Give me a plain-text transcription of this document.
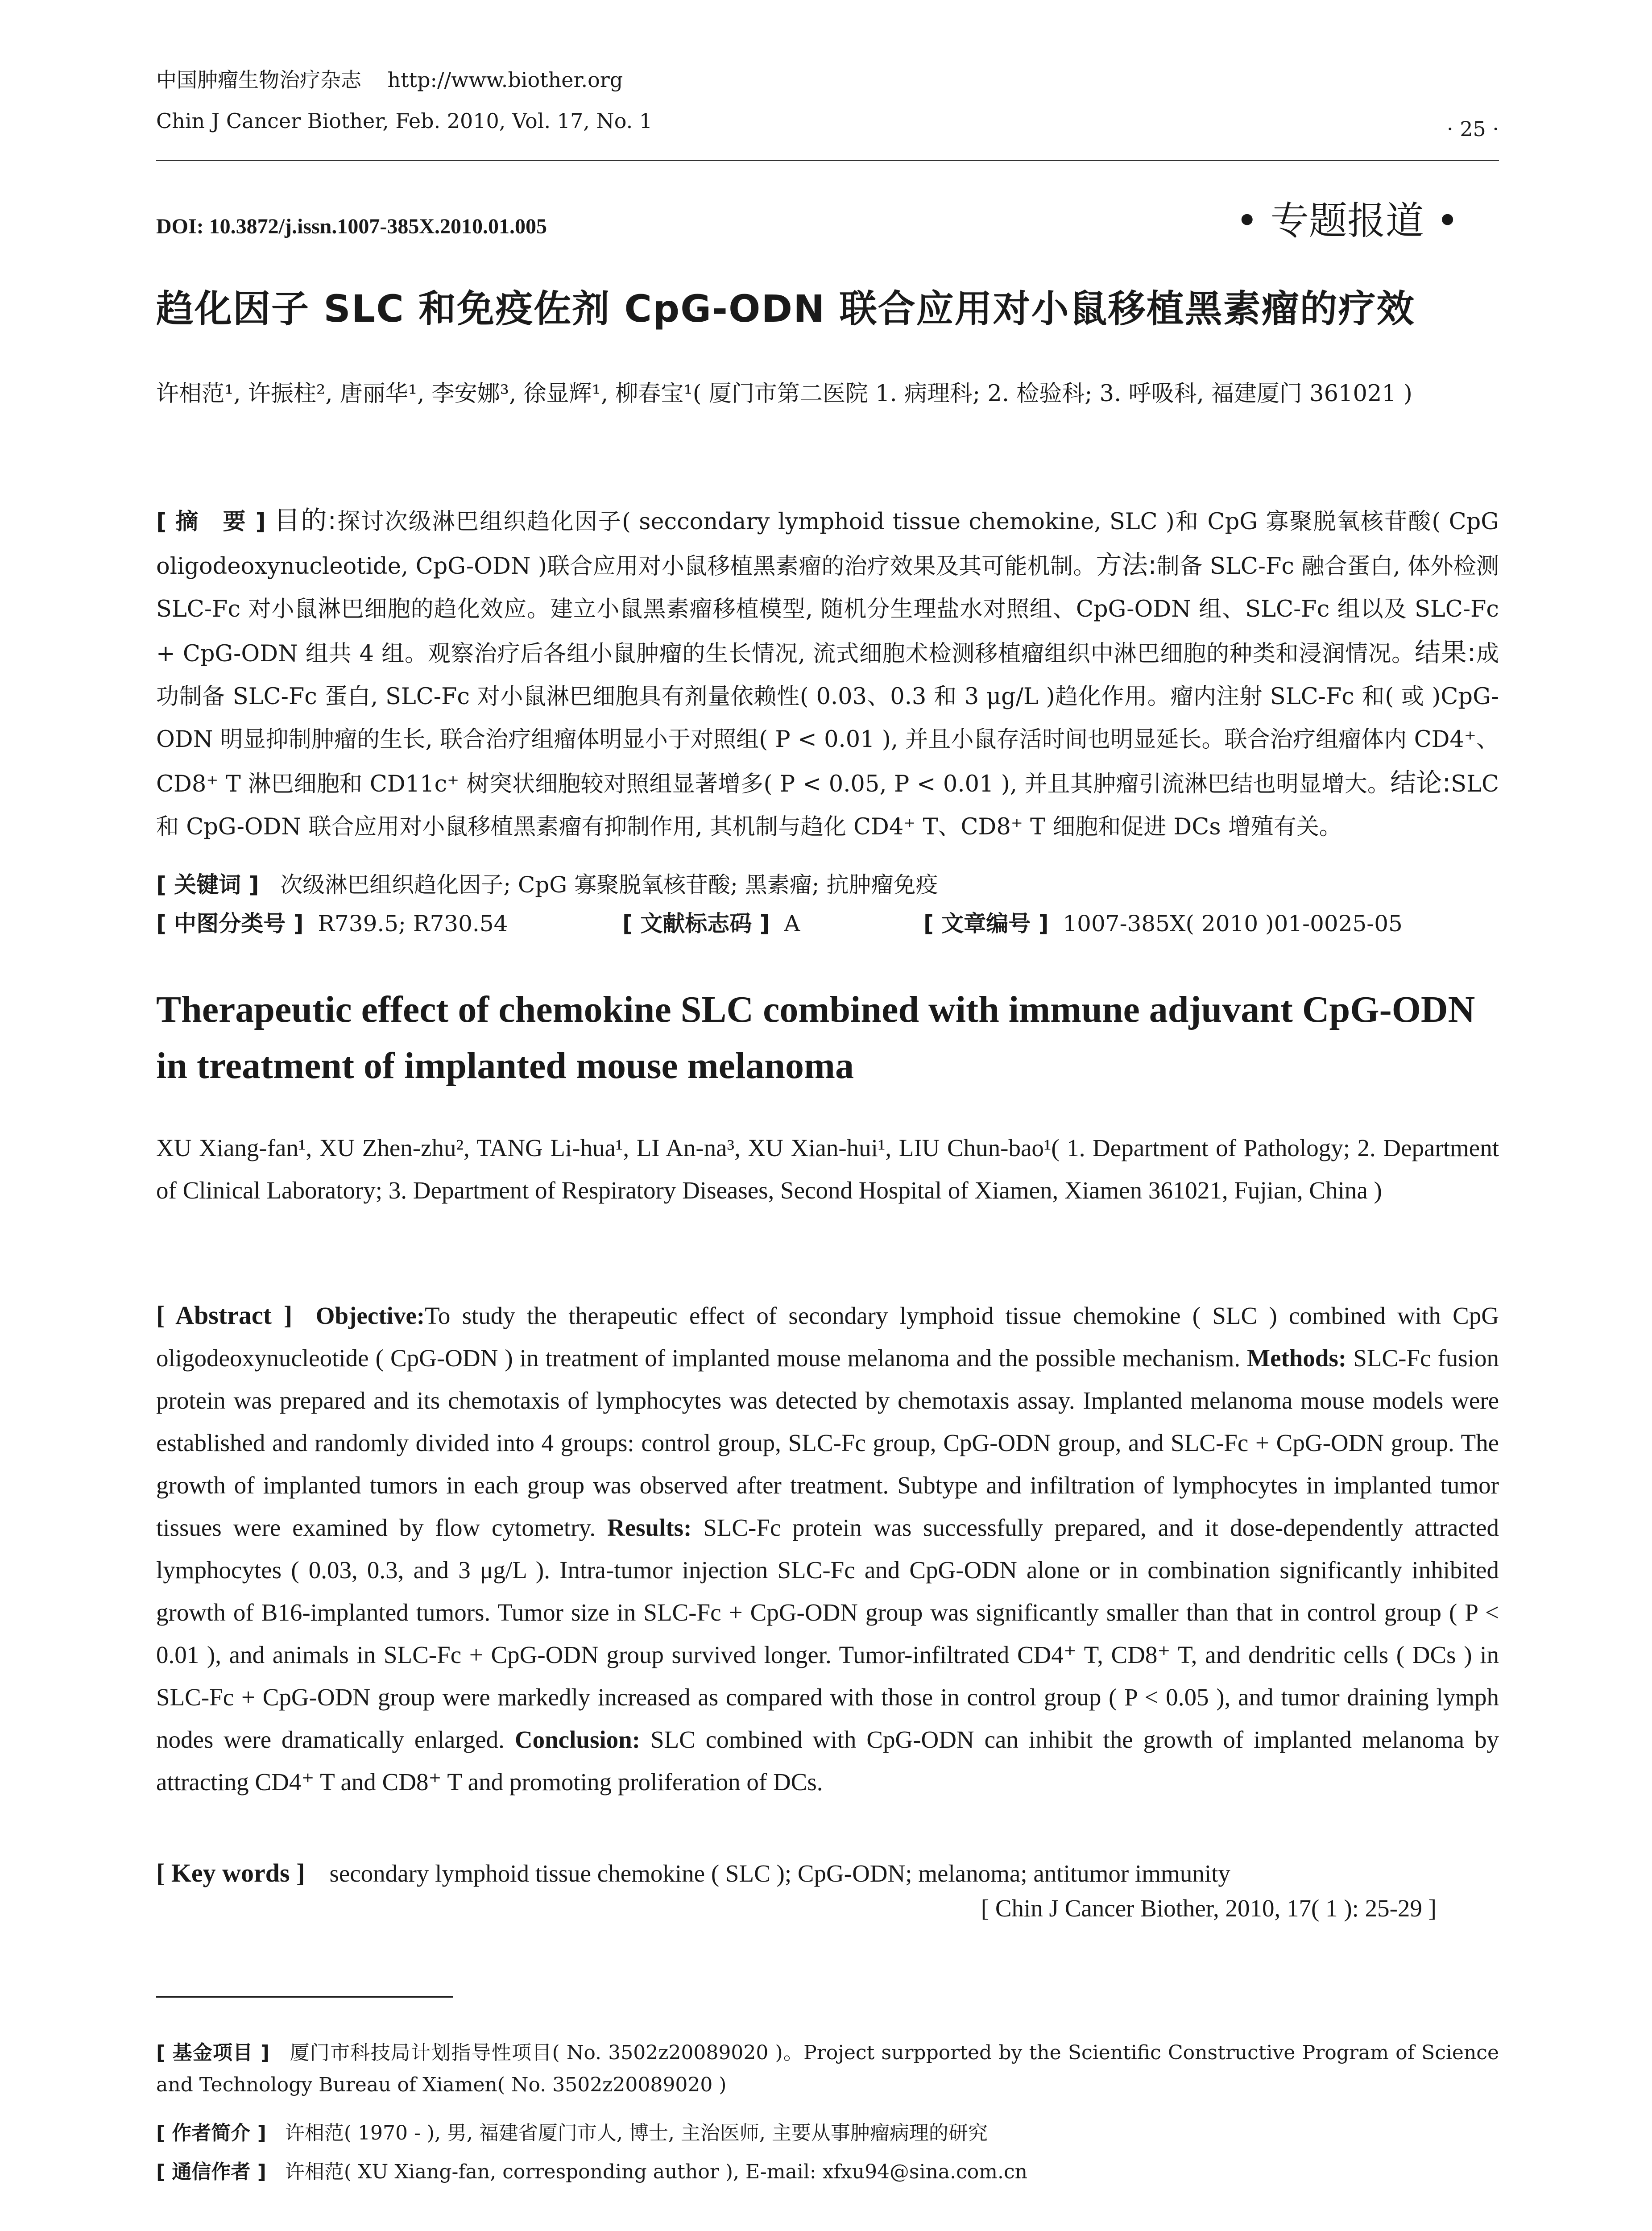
中国肿瘤生物治疗杂志 http://www.biother.org
Chin J Cancer Biother, Feb. 2010, Vol. 17, No. 1	· 25 ·
DOI: 10.3872/j.issn.1007-385X.2010.01.005	• 专题报道 •
趋化因子 SLC 和免疫佐剂 CpG-ODN 联合应用对小鼠移植黑素瘤的疗效
许相范¹, 许振柱², 唐丽华¹, 李安娜³, 徐显辉¹, 柳春宝¹( 厦门市第二医院 1. 病理科; 2. 检验科; 3. 呼吸科, 福建厦门 361021 )
[ 摘　要 ] 目的:探讨次级淋巴组织趋化因子( seccondary lymphoid tissue chemokine, SLC )和 CpG 寡聚脱氧核苷酸( CpG oligodeoxynucleotide, CpG-ODN )联合应用对小鼠移植黑素瘤的治疗效果及其可能机制。方法:制备 SLC-Fc 融合蛋白, 体外检测 SLC-Fc 对小鼠淋巴细胞的趋化效应。建立小鼠黑素瘤移植模型, 随机分生理盐水对照组、CpG-ODN 组、SLC-Fc 组以及 SLC-Fc + CpG-ODN 组共 4 组。观察治疗后各组小鼠肿瘤的生长情况, 流式细胞术检测移植瘤组织中淋巴细胞的种类和浸润情况。结果:成功制备 SLC-Fc 蛋白, SLC-Fc 对小鼠淋巴细胞具有剂量依赖性( 0.03、0.3 和 3 μg/L )趋化作用。瘤内注射 SLC-Fc 和( 或 )CpG-ODN 明显抑制肿瘤的生长, 联合治疗组瘤体明显小于对照组( P < 0.01 ), 并且小鼠存活时间也明显延长。联合治疗组瘤体内 CD4⁺、CD8⁺ T 淋巴细胞和 CD11c⁺ 树突状细胞较对照组显著增多( P < 0.05, P < 0.01 ), 并且其肿瘤引流淋巴结也明显增大。结论:SLC 和 CpG-ODN 联合应用对小鼠移植黑素瘤有抑制作用, 其机制与趋化 CD4⁺ T、CD8⁺ T 细胞和促进 DCs 增殖有关。
[ 关键词 ] 次级淋巴组织趋化因子; CpG 寡聚脱氧核苷酸; 黑素瘤; 抗肿瘤免疫
[ 中图分类号 ] R739.5; R730.54	[ 文献标志码 ] A	[ 文章编号 ] 1007-385X( 2010 )01-0025-05
Therapeutic effect of chemokine SLC combined with immune adjuvant CpG-ODN in treatment of implanted mouse melanoma
XU Xiang-fan¹, XU Zhen-zhu², TANG Li-hua¹, LI An-na³, XU Xian-hui¹, LIU Chun-bao¹( 1. Department of Pathology; 2. Department of Clinical Laboratory; 3. Department of Respiratory Diseases, Second Hospital of Xiamen, Xiamen 361021, Fujian, China )
[ Abstract ] Objective:To study the therapeutic effect of secondary lymphoid tissue chemokine ( SLC ) combined with CpG oligodeoxynucleotide ( CpG-ODN ) in treatment of implanted mouse melanoma and the possible mechanism. Methods: SLC-Fc fusion protein was prepared and its chemotaxis of lymphocytes was detected by chemotaxis assay. Implanted melanoma mouse models were established and randomly divided into 4 groups: control group, SLC-Fc group, CpG-ODN group, and SLC-Fc + CpG-ODN group. The growth of implanted tumors in each group was observed after treatment. Subtype and infiltration of lymphocytes in implanted tumor tissues were examined by flow cytometry. Results: SLC-Fc protein was successfully prepared, and it dose-dependently attracted lymphocytes ( 0.03, 0.3, and 3 μg/L ). Intra-tumor injection SLC-Fc and CpG-ODN alone or in combination significantly inhibited growth of B16-implanted tumors. Tumor size in SLC-Fc + CpG-ODN group was significantly smaller than that in control group ( P < 0.01 ), and animals in SLC-Fc + CpG-ODN group survived longer. Tumor-infiltrated CD4⁺ T, CD8⁺ T, and dendritic cells ( DCs ) in SLC-Fc + CpG-ODN group were markedly increased as compared with those in control group ( P < 0.05 ), and tumor draining lymph nodes were dramatically enlarged. Conclusion: SLC combined with CpG-ODN can inhibit the growth of implanted melanoma by attracting CD4⁺ T and CD8⁺ T and promoting proliferation of DCs.
[ Key words ] secondary lymphoid tissue chemokine ( SLC ); CpG-ODN; melanoma; antitumor immunity
[ Chin J Cancer Biother, 2010, 17( 1 ): 25-29 ]
[ 基金项目 ] 厦门市科技局计划指导性项目( No. 3502z20089020 )。Project surpported by the Scientific Constructive Program of Science and Technology Bureau of Xiamen( No. 3502z20089020 )
[ 作者简介 ] 许相范( 1970 - ), 男, 福建省厦门市人, 博士, 主治医师, 主要从事肿瘤病理的研究
[ 通信作者 ] 许相范( XU Xiang-fan, corresponding author ), E-mail: xfxu94@sina.com.cn
